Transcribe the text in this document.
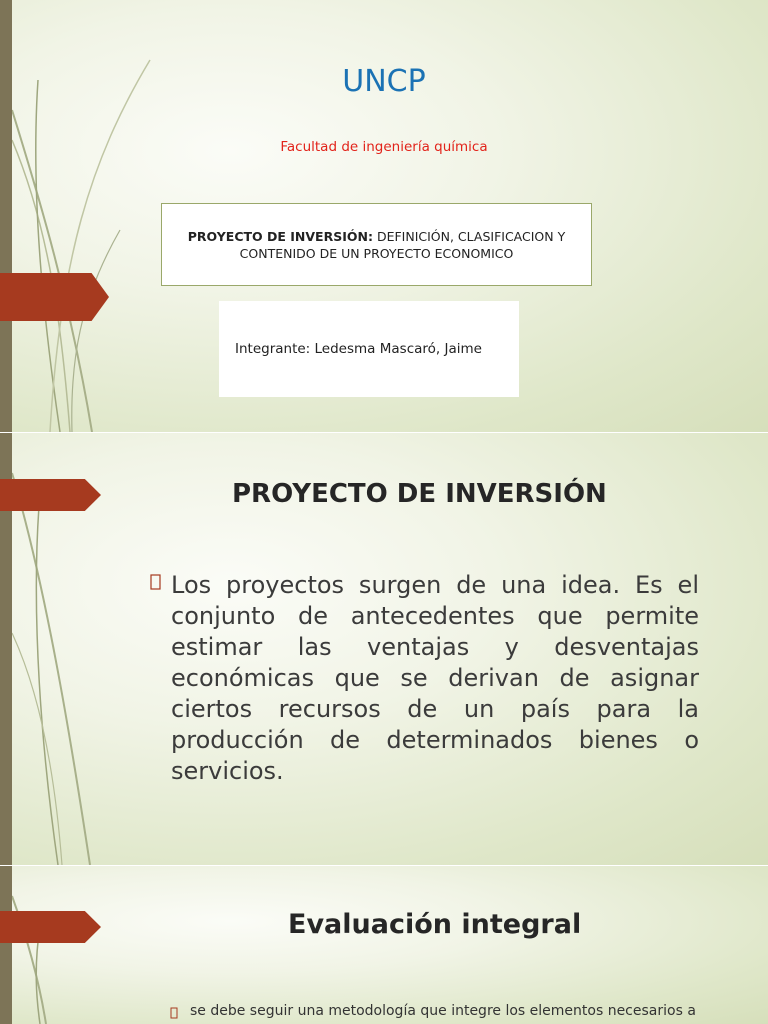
UNCP
Facultad de ingeniería química
PROYECTO DE INVERSIÓN: DEFINICIÓN, CLASIFICACION Y CONTENIDO DE UN PROYECTO ECONOMICO
Integrante: Ledesma Mascaró, Jaime
PROYECTO DE INVERSIÓN
Los proyectos surgen de una idea. Es el conjunto de antecedentes que permite estimar las ventajas y desventajas económicas que se derivan de asignar ciertos recursos de un país para la producción de determinados bienes o servicios.
Evaluación integral
se debe seguir una metodología que integre los elementos necesarios a
